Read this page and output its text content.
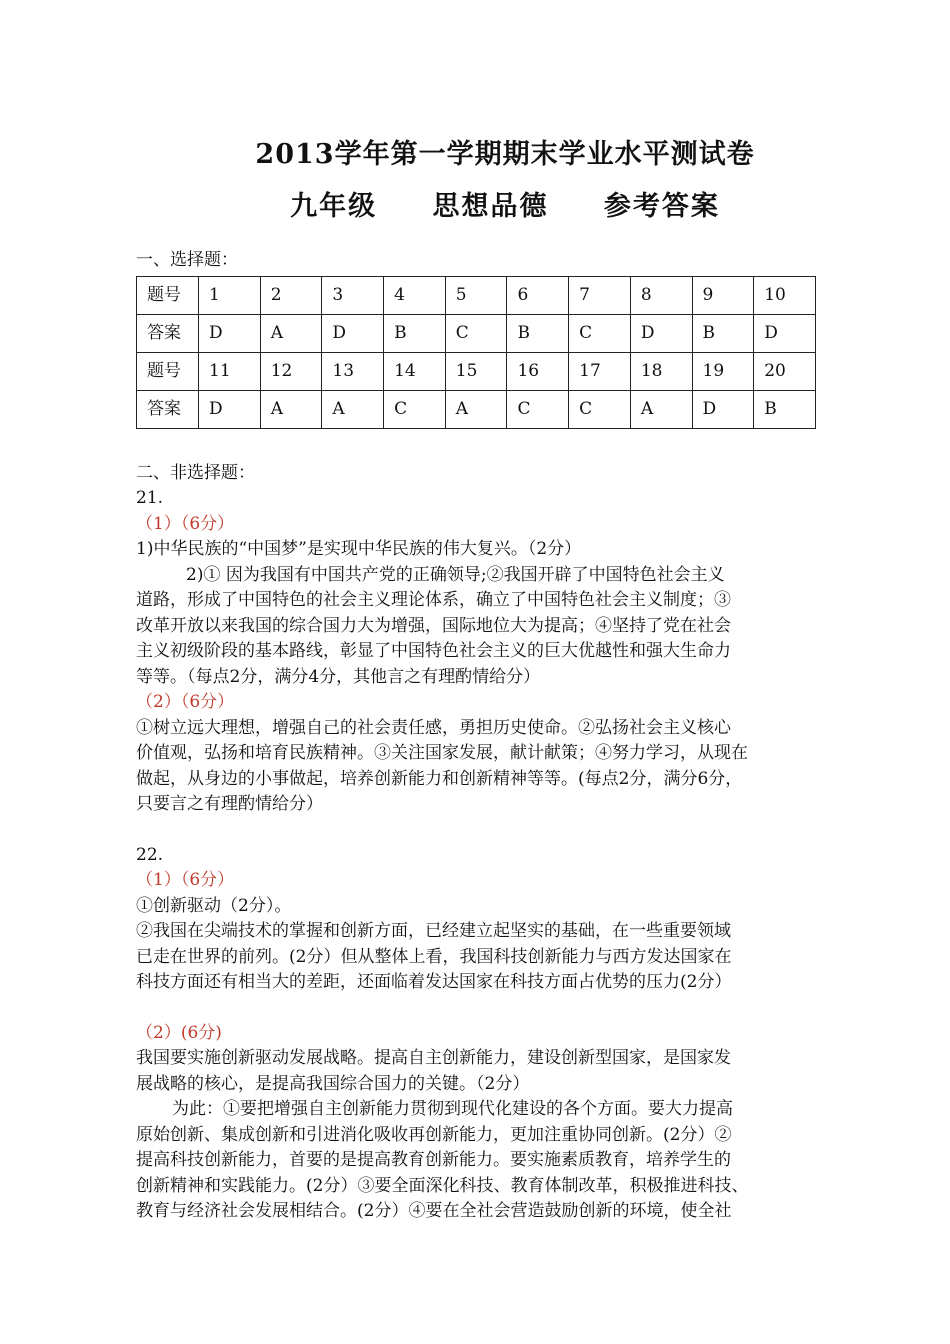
2013学年第一学期期末学业水平测试卷
九年级 思想品德 参考答案
一、选择题：
题号	1	2	3	4	5	6	7	8	9	10
答案	D	A	D	B	C	B	C	D	B	D
题号	11	12	13	14	15	16	17	18	19	20
答案	D	A	A	C	A	C	C	A	D	B
二、非选择题：
21.
（1）（6分）
1)中华民族的“中国梦”是实现中华民族的伟大复兴。（2分）
2)① 因为我国有中国共产党的正确领导;②我国开辟了中国特色社会主义
道路，形成了中国特色的社会主义理论体系，确立了中国特色社会主义制度；③
改革开放以来我国的综合国力大为增强，国际地位大为提高；④坚持了党在社会
主义初级阶段的基本路线，彰显了中国特色社会主义的巨大优越性和强大生命力
等等。（每点2分，满分4分，其他言之有理酌情给分）
（2）（6分）
①树立远大理想，增强自己的社会责任感，勇担历史使命。②弘扬社会主义核心
价值观，弘扬和培育民族精神。③关注国家发展，献计献策；④努力学习，从现在
做起，从身边的小事做起，培养创新能力和创新精神等等。(每点2分，满分6分，
只要言之有理酌情给分）
22.
（1）（6分）
①创新驱动（2分）。
②我国在尖端技术的掌握和创新方面，已经建立起坚实的基础，在一些重要领域
已走在世界的前列。(2分）但从整体上看，我国科技创新能力与西方发达国家在
科技方面还有相当大的差距，还面临着发达国家在科技方面占优势的压力(2分）
（2）(6分)
我国要实施创新驱动发展战略。提高自主创新能力，建设创新型国家，是国家发
展战略的核心，是提高我国综合国力的关键。（2分）
为此：①要把增强自主创新能力贯彻到现代化建设的各个方面。要大力提高
原始创新、集成创新和引进消化吸收再创新能力，更加注重协同创新。(2分）②
提高科技创新能力，首要的是提高教育创新能力。要实施素质教育，培养学生的
创新精神和实践能力。(2分）③要全面深化科技、教育体制改革，积极推进科技、
教育与经济社会发展相结合。(2分）④要在全社会营造鼓励创新的环境，使全社
